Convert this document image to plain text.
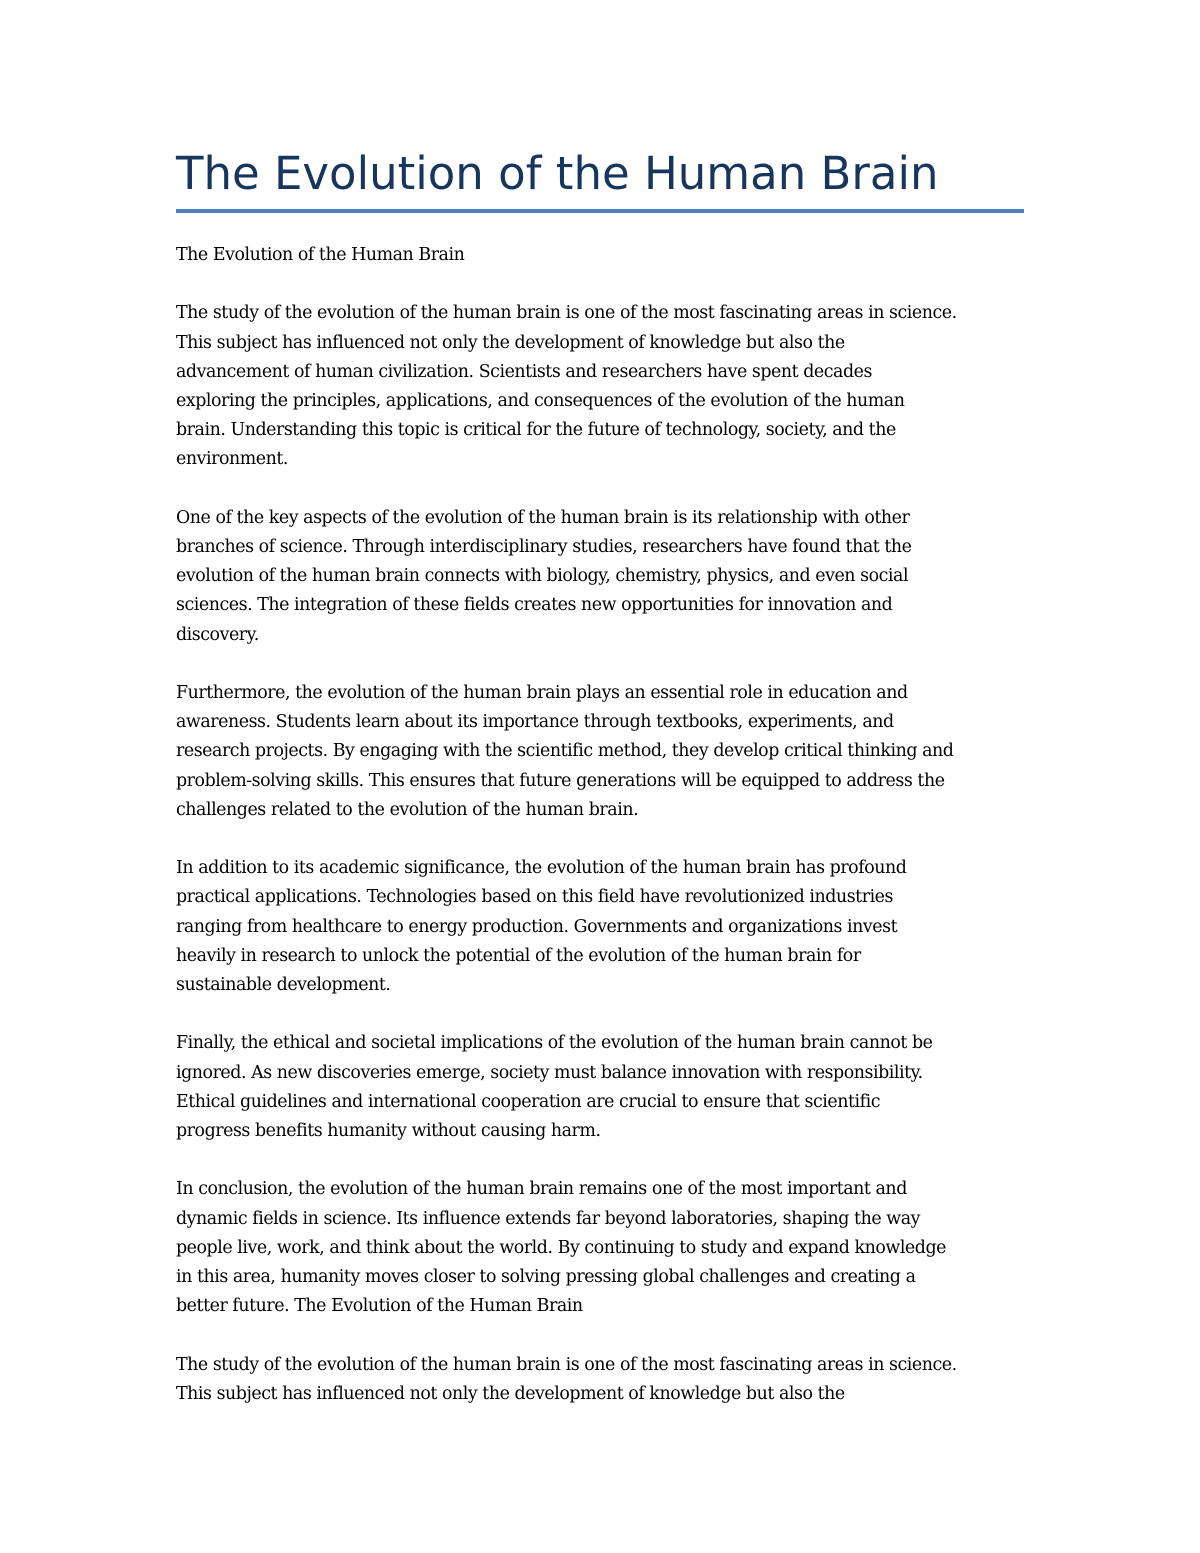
The Evolution of the Human Brain

The Evolution of the Human Brain

The study of the evolution of the human brain is one of the most fascinating areas in science.
This subject has influenced not only the development of knowledge but also the
advancement of human civilization. Scientists and researchers have spent decades
exploring the principles, applications, and consequences of the evolution of the human
brain. Understanding this topic is critical for the future of technology, society, and the
environment.

One of the key aspects of the evolution of the human brain is its relationship with other
branches of science. Through interdisciplinary studies, researchers have found that the
evolution of the human brain connects with biology, chemistry, physics, and even social
sciences. The integration of these fields creates new opportunities for innovation and
discovery.

Furthermore, the evolution of the human brain plays an essential role in education and
awareness. Students learn about its importance through textbooks, experiments, and
research projects. By engaging with the scientific method, they develop critical thinking and
problem-solving skills. This ensures that future generations will be equipped to address the
challenges related to the evolution of the human brain.

In addition to its academic significance, the evolution of the human brain has profound
practical applications. Technologies based on this field have revolutionized industries
ranging from healthcare to energy production. Governments and organizations invest
heavily in research to unlock the potential of the evolution of the human brain for
sustainable development.

Finally, the ethical and societal implications of the evolution of the human brain cannot be
ignored. As new discoveries emerge, society must balance innovation with responsibility.
Ethical guidelines and international cooperation are crucial to ensure that scientific
progress benefits humanity without causing harm.

In conclusion, the evolution of the human brain remains one of the most important and
dynamic fields in science. Its influence extends far beyond laboratories, shaping the way
people live, work, and think about the world. By continuing to study and expand knowledge
in this area, humanity moves closer to solving pressing global challenges and creating a
better future. The Evolution of the Human Brain

The study of the evolution of the human brain is one of the most fascinating areas in science.
This subject has influenced not only the development of knowledge but also the
